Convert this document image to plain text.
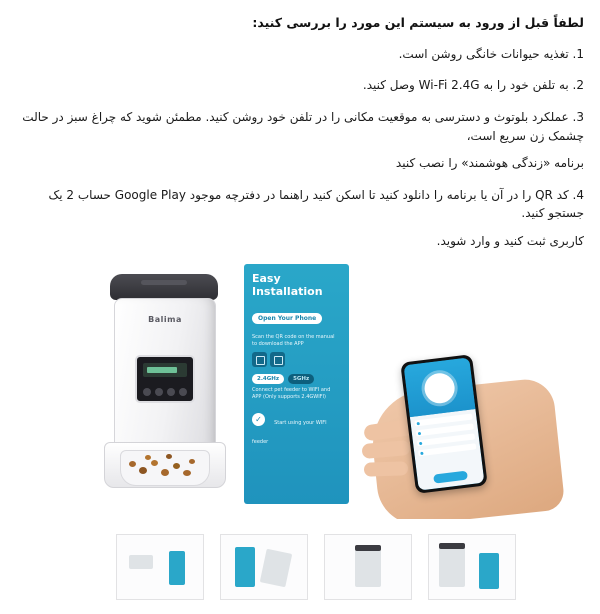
لطفاً قبل از ورود به سیستم این مورد را بررسی کنید:

1. تغذیه حیوانات خانگی روشن است.

2. به تلفن خود را به Wi-Fi 2.4G وصل کنید.

3. عملکرد بلوتوث و دسترسی به موقعیت مکانی را در تلفن خود روشن کنید. مطمئن شوید که چراغ سبز در حالت چشمک زن سریع است،
برنامه «زندگی هوشمند» را نصب کنید

4. کد QR را در آن یا برنامه را دانلود کنید تا اسکن کنید راهنما در دفترچه موجود Google Play حساب 2 یک جستجو کنید.
کاربری ثبت کنید و وارد شوید.

Balima
Easy Installation
Open Your Phone
Scan the QR code on the manual to download the APP
2.4GHz	5GHz
Connect pet feeder to WIFI and APP (Only supports 2.4GWIFI)
✓ Start using your WIFI feeder
